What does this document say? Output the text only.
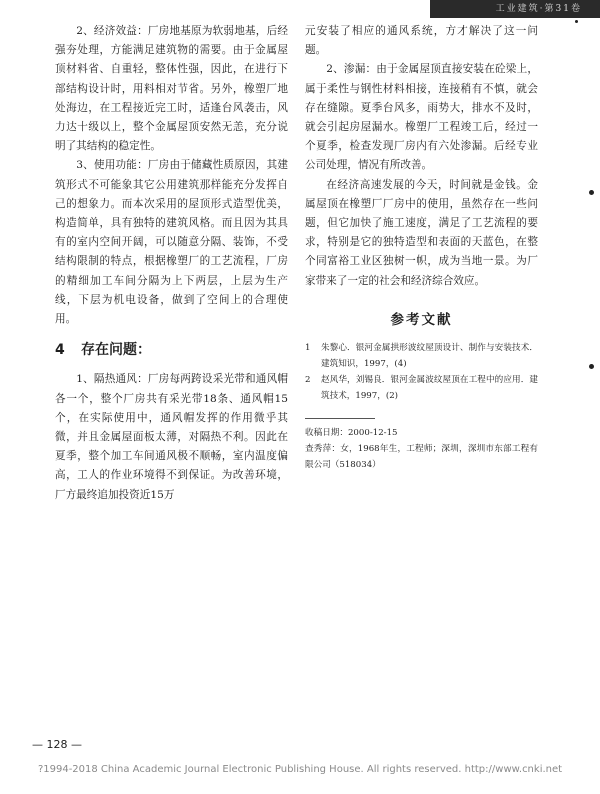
工业建筑·第31卷

2、经济效益：厂房地基原为软弱地基，后经强夯处理，方能满足建筑物的需要。由于金属屋顶材料省、自重轻，整体性强，因此，在进行下部结构设计时，用料相对节省。另外，橡塑厂地处海边，在工程接近完工时，适逢台风袭击，风力达十级以上，整个金属屋顶安然无恙，充分说明了其结构的稳定性。

3、使用功能：厂房由于储藏性质原因，其建筑形式不可能象其它公用建筑那样能充分发挥自己的想象力。而本次采用的屋顶形式造型优美，构造简单，具有独特的建筑风格。而且因为其具有的室内空间开阔，可以随意分隔、装饰，不受结构限制的特点，根据橡塑厂的工艺流程，厂房的精细加工车间分隔为上下两层，上层为生产线，下层为机电设备，做到了空间上的合理使用。

4 存在问题：

1、隔热通风：厂房每两跨设采光带和通风帽各一个，整个厂房共有采光带18条、通风帽15个，在实际使用中，通风帽发挥的作用微乎其微，并且金属屋面板太薄，对隔热不利。因此在夏季，整个加工车间通风极不顺畅，室内温度偏高，工人的作业环境得不到保证。为改善环境，厂方最终追加投资近15万

元安装了相应的通风系统，方才解决了这一问题。

2、渗漏：由于金属屋顶直接安装在砼梁上，属于柔性与钢性材料相接，连接稍有不慎，就会存在缝隙。夏季台风多，雨势大，排水不及时，就会引起房屋漏水。橡塑厂工程竣工后，经过一个夏季，检查发现厂房内有六处渗漏。后经专业公司处理，情况有所改善。

在经济高速发展的今天，时间就是金钱。金属屋顶在橡塑厂厂房中的使用，虽然存在一些问题，但它加快了施工速度，满足了工艺流程的要求，特别是它的独特造型和表面的天蓝色，在整个同富裕工业区独树一帜，成为当地一景。为厂家带来了一定的社会和经济综合效应。

参考文献
1	朱黎心．银河金属拱形波纹屋顶设计、制作与安装技术．建筑知识，1997，(4)
2	赵风华，刘锡良．银河金属波纹屋顶在工程中的应用．建筑技术，1997，(2)
收稿日期：2000-12-15
查秀萍：女，1968年生，工程师；深圳，深圳市东部工程有限公司（518034）
— 128 —
?1994-2018 China Academic Journal Electronic Publishing House. All rights reserved. http://www.cnki.net
